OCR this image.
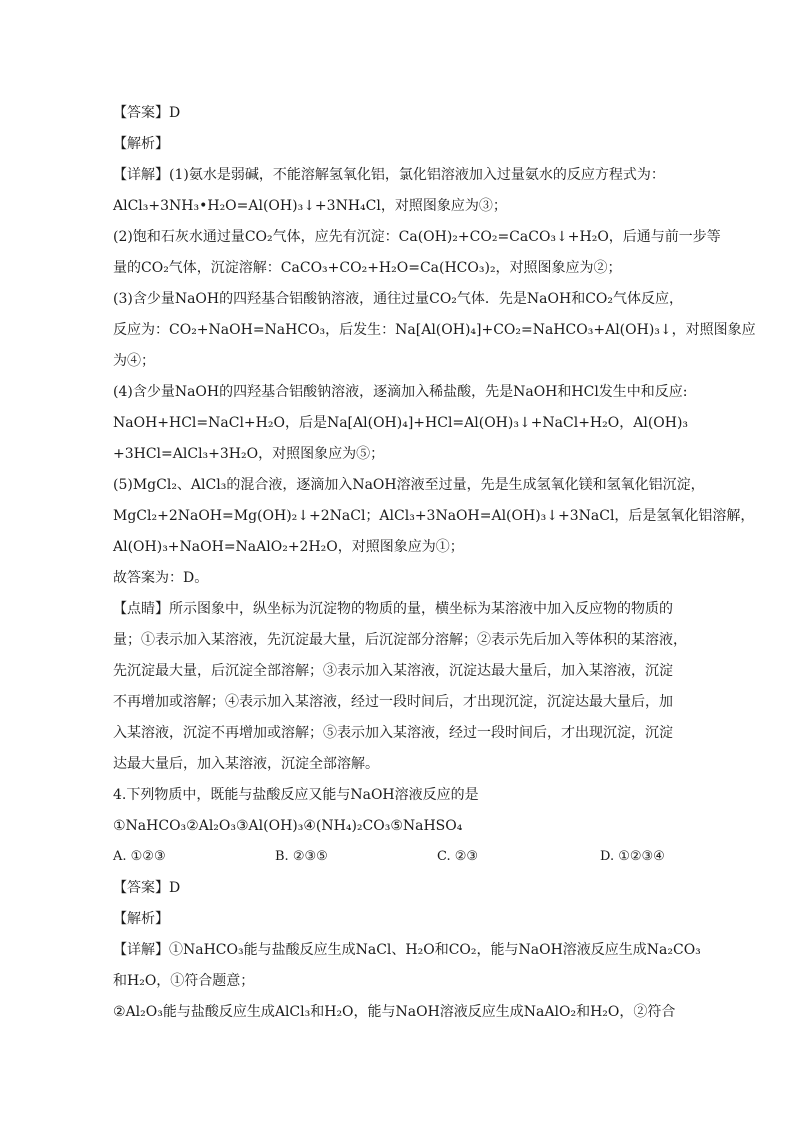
【答案】D
【解析】
【详解】(1)氨水是弱碱，不能溶解氢氧化铝，氯化铝溶液加入过量氨水的反应方程式为：
AlCl₃+3NH₃•H₂O=Al(OH)₃↓+3NH₄Cl，对照图象应为③；
(2)饱和石灰水通过量CO₂气体，应先有沉淀：Ca(OH)₂+CO₂=CaCO₃↓+H₂O，后通与前一步等
量的CO₂气体，沉淀溶解：CaCO₃+CO₂+H₂O=Ca(HCO₃)₂，对照图象应为②；
(3)含少量NaOH的四羟基合铝酸钠溶液，通往过量CO₂气体．先是NaOH和CO₂气体反应，
反应为：CO₂+NaOH=NaHCO₃，后发生：Na[Al(OH)₄]+CO₂=NaHCO₃+Al(OH)₃↓，对照图象应
为④；
(4)含少量NaOH的四羟基合铝酸钠溶液，逐滴加入稀盐酸，先是NaOH和HCl发生中和反应:
NaOH+HCl=NaCl+H₂O，后是Na[Al(OH)₄]+HCl=Al(OH)₃↓+NaCl+H₂O，Al(OH)₃
+3HCl=AlCl₃+3H₂O，对照图象应为⑤；
(5)MgCl₂、AlCl₃的混合液，逐滴加入NaOH溶液至过量，先是生成氢氧化镁和氢氧化铝沉淀，
MgCl₂+2NaOH=Mg(OH)₂↓+2NaCl；AlCl₃+3NaOH=Al(OH)₃↓+3NaCl，后是氢氧化铝溶解，
Al(OH)₃+NaOH=NaAlO₂+2H₂O，对照图象应为①；
故答案为：D。
【点睛】所示图象中，纵坐标为沉淀物的物质的量，横坐标为某溶液中加入反应物的物质的
量；①表示加入某溶液，先沉淀最大量，后沉淀部分溶解；②表示先后加入等体积的某溶液，
先沉淀最大量，后沉淀全部溶解；③表示加入某溶液，沉淀达最大量后，加入某溶液，沉淀
不再增加或溶解；④表示加入某溶液，经过一段时间后，才出现沉淀，沉淀达最大量后，加
入某溶液，沉淀不再增加或溶解；⑤表示加入某溶液，经过一段时间后，才出现沉淀，沉淀
达最大量后，加入某溶液，沉淀全部溶解。
4.下列物质中，既能与盐酸反应又能与NaOH溶液反应的是
①NaHCO₃②Al₂O₃③Al(OH)₃④(NH₄)₂CO₃⑤NaHSO₄
A. ①②③	B. ②③⑤	C. ②③	D. ①②③④
【答案】D
【解析】
【详解】①NaHCO₃能与盐酸反应生成NaCl、H₂O和CO₂，能与NaOH溶液反应生成Na₂CO₃
和H₂O，①符合题意；
②Al₂O₃能与盐酸反应生成AlCl₃和H₂O，能与NaOH溶液反应生成NaAlO₂和H₂O，②符合
